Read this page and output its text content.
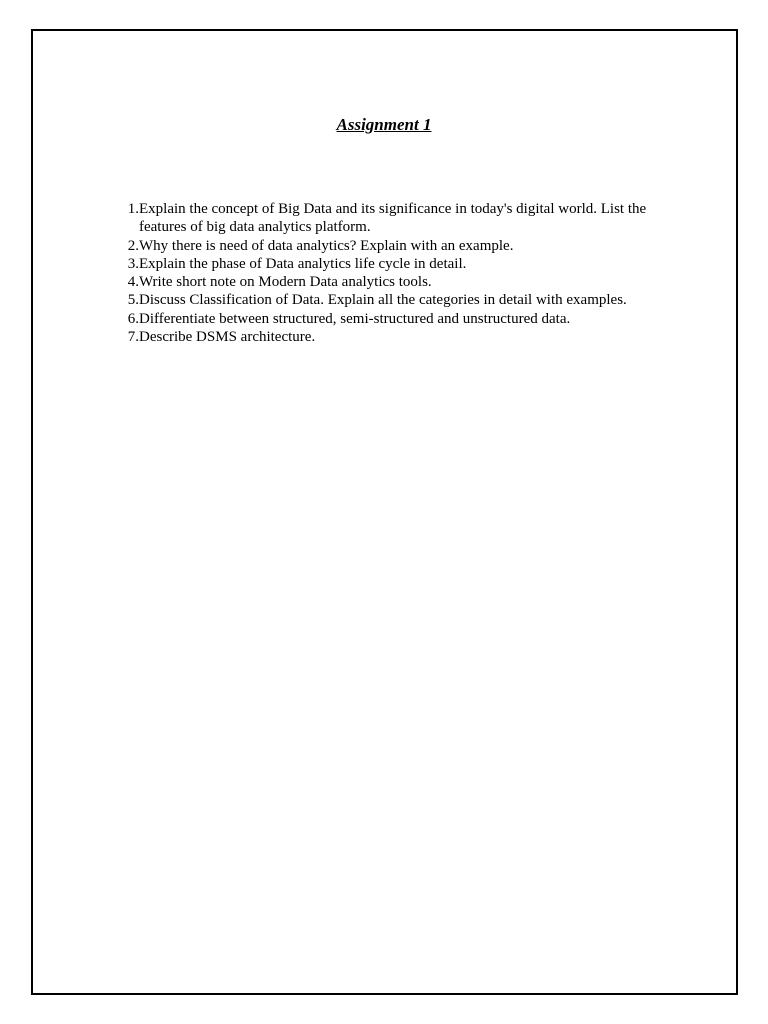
Assignment 1
1. Explain the concept of Big Data and its significance in today's digital world. List the features of big data analytics platform.
2. Why there is need of data analytics? Explain with an example.
3. Explain the phase of Data analytics life cycle in detail.
4. Write short note on Modern Data analytics tools.
5. Discuss Classification of Data. Explain all the categories in detail with examples.
6. Differentiate between structured, semi-structured and unstructured data.
7. Describe DSMS architecture.
